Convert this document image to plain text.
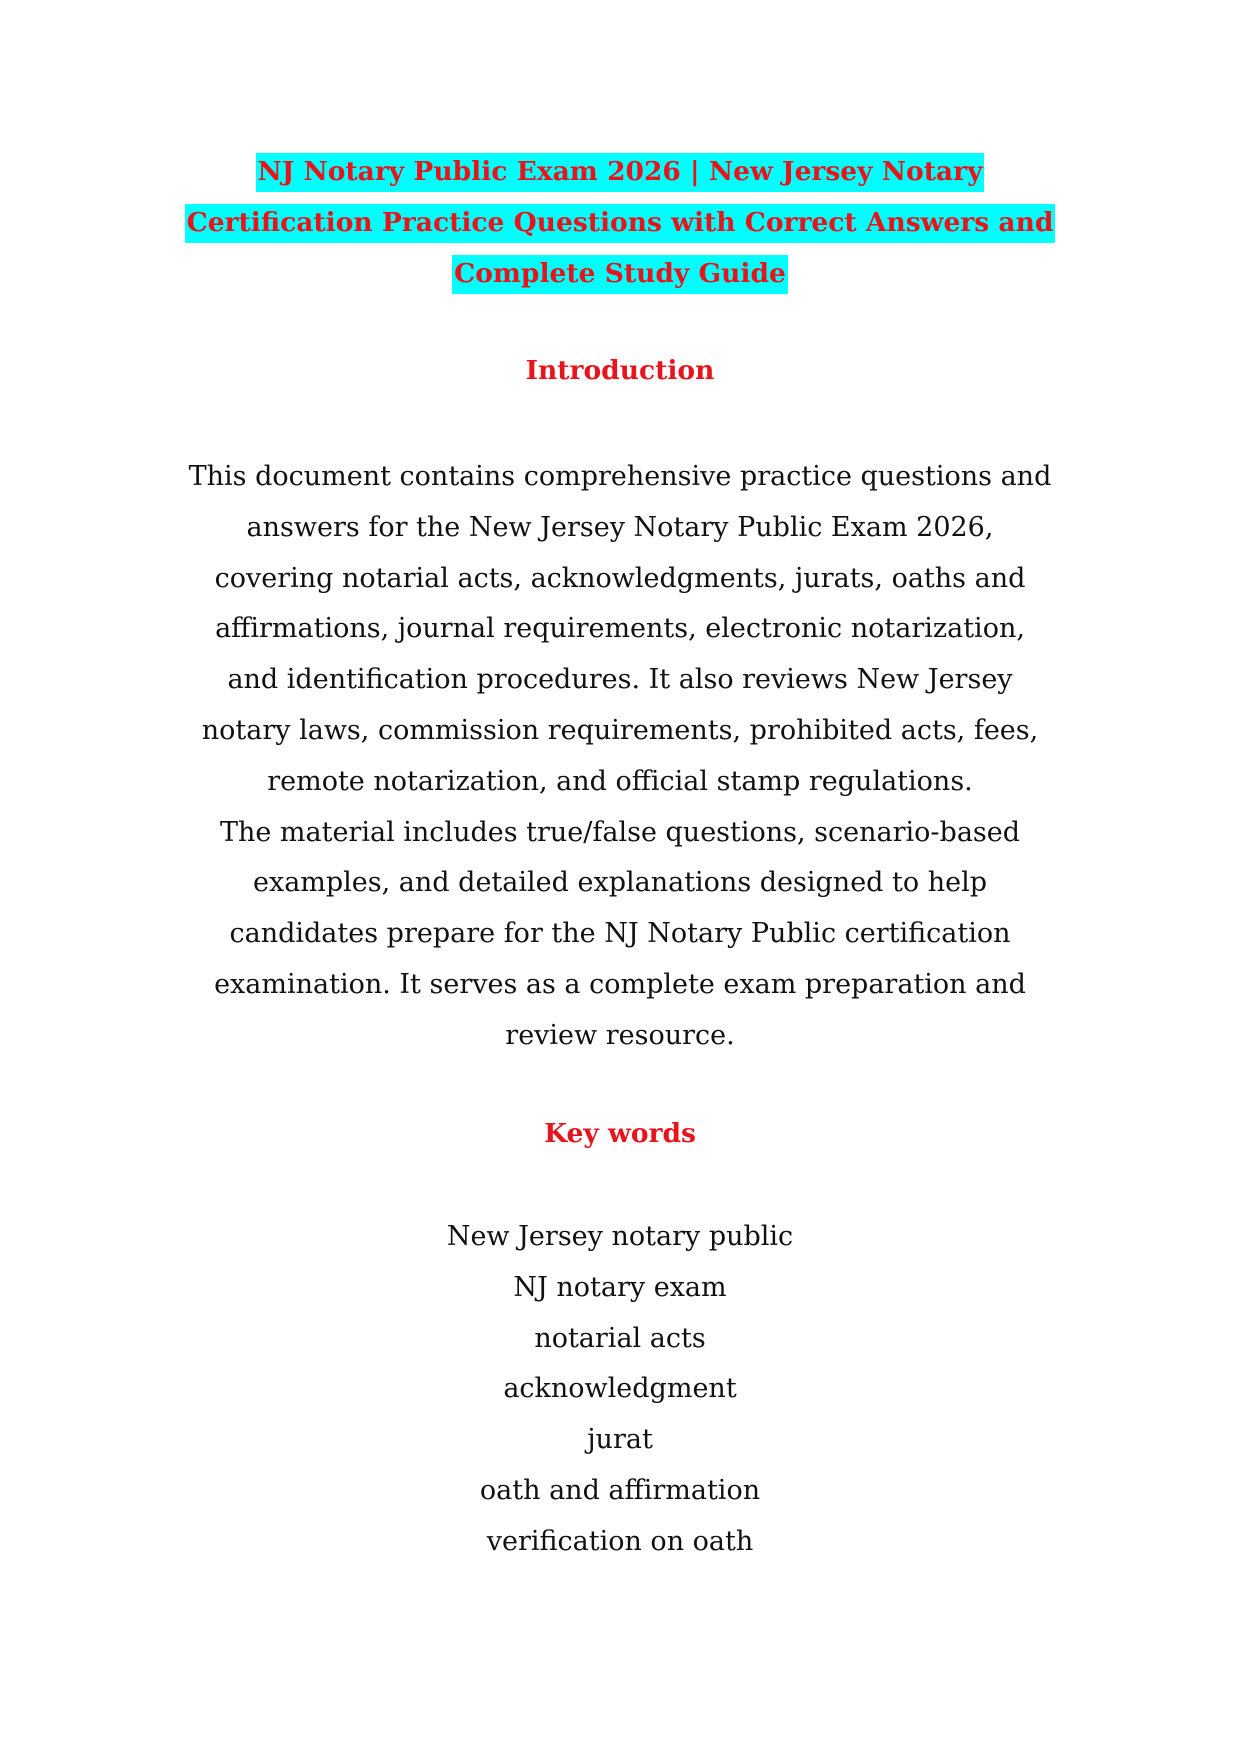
NJ Notary Public Exam 2026 | New Jersey Notary
Certification Practice Questions with Correct Answers and
Complete Study Guide
Introduction
This document contains comprehensive practice questions and
answers for the New Jersey Notary Public Exam 2026,
covering notarial acts, acknowledgments, jurats, oaths and
affirmations, journal requirements, electronic notarization,
and identification procedures. It also reviews New Jersey
notary laws, commission requirements, prohibited acts, fees,
remote notarization, and official stamp regulations.
The material includes true/false questions, scenario-based
examples, and detailed explanations designed to help
candidates prepare for the NJ Notary Public certification
examination. It serves as a complete exam preparation and
review resource.
Key words
New Jersey notary public
NJ notary exam
notarial acts
acknowledgment
jurat
oath and affirmation
verification on oath
